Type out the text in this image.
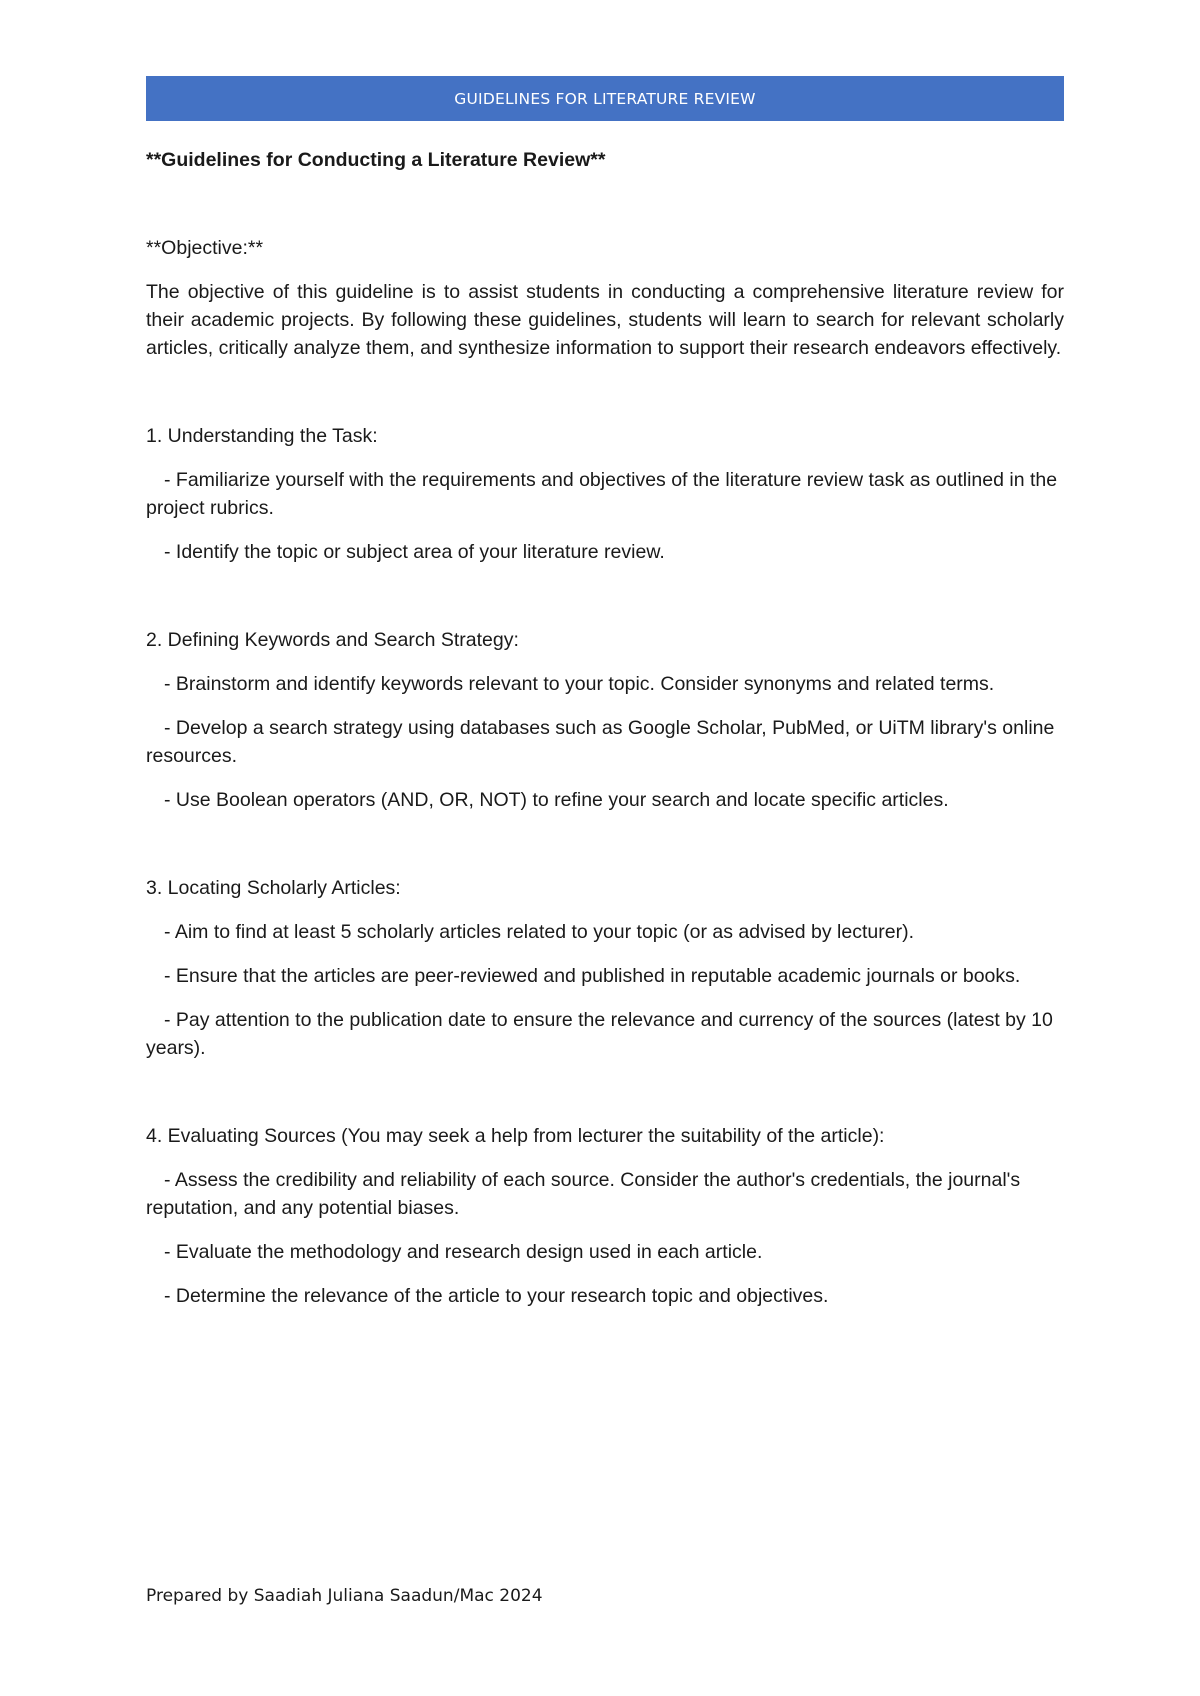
GUIDELINES FOR LITERATURE REVIEW

**Guidelines for Conducting a Literature Review**

**Objective:**

The objective of this guideline is to assist students in conducting a comprehensive literature review for their academic projects. By following these guidelines, students will learn to search for relevant scholarly articles, critically analyze them, and synthesize information to support their research endeavors effectively.

1. Understanding the Task:

- Familiarize yourself with the requirements and objectives of the literature review task as outlined in the project rubrics.

- Identify the topic or subject area of your literature review.

2. Defining Keywords and Search Strategy:

- Brainstorm and identify keywords relevant to your topic. Consider synonyms and related terms.

- Develop a search strategy using databases such as Google Scholar, PubMed, or UiTM library's online resources.

- Use Boolean operators (AND, OR, NOT) to refine your search and locate specific articles.

3. Locating Scholarly Articles:

- Aim to find at least 5 scholarly articles related to your topic (or as advised by lecturer).

- Ensure that the articles are peer-reviewed and published in reputable academic journals or books.

- Pay attention to the publication date to ensure the relevance and currency of the sources (latest by 10 years).

4. Evaluating Sources (You may seek a help from lecturer the suitability of the article):

- Assess the credibility and reliability of each source. Consider the author's credentials, the journal's reputation, and any potential biases.

- Evaluate the methodology and research design used in each article.

- Determine the relevance of the article to your research topic and objectives.

Prepared by Saadiah Juliana Saadun/Mac 2024
